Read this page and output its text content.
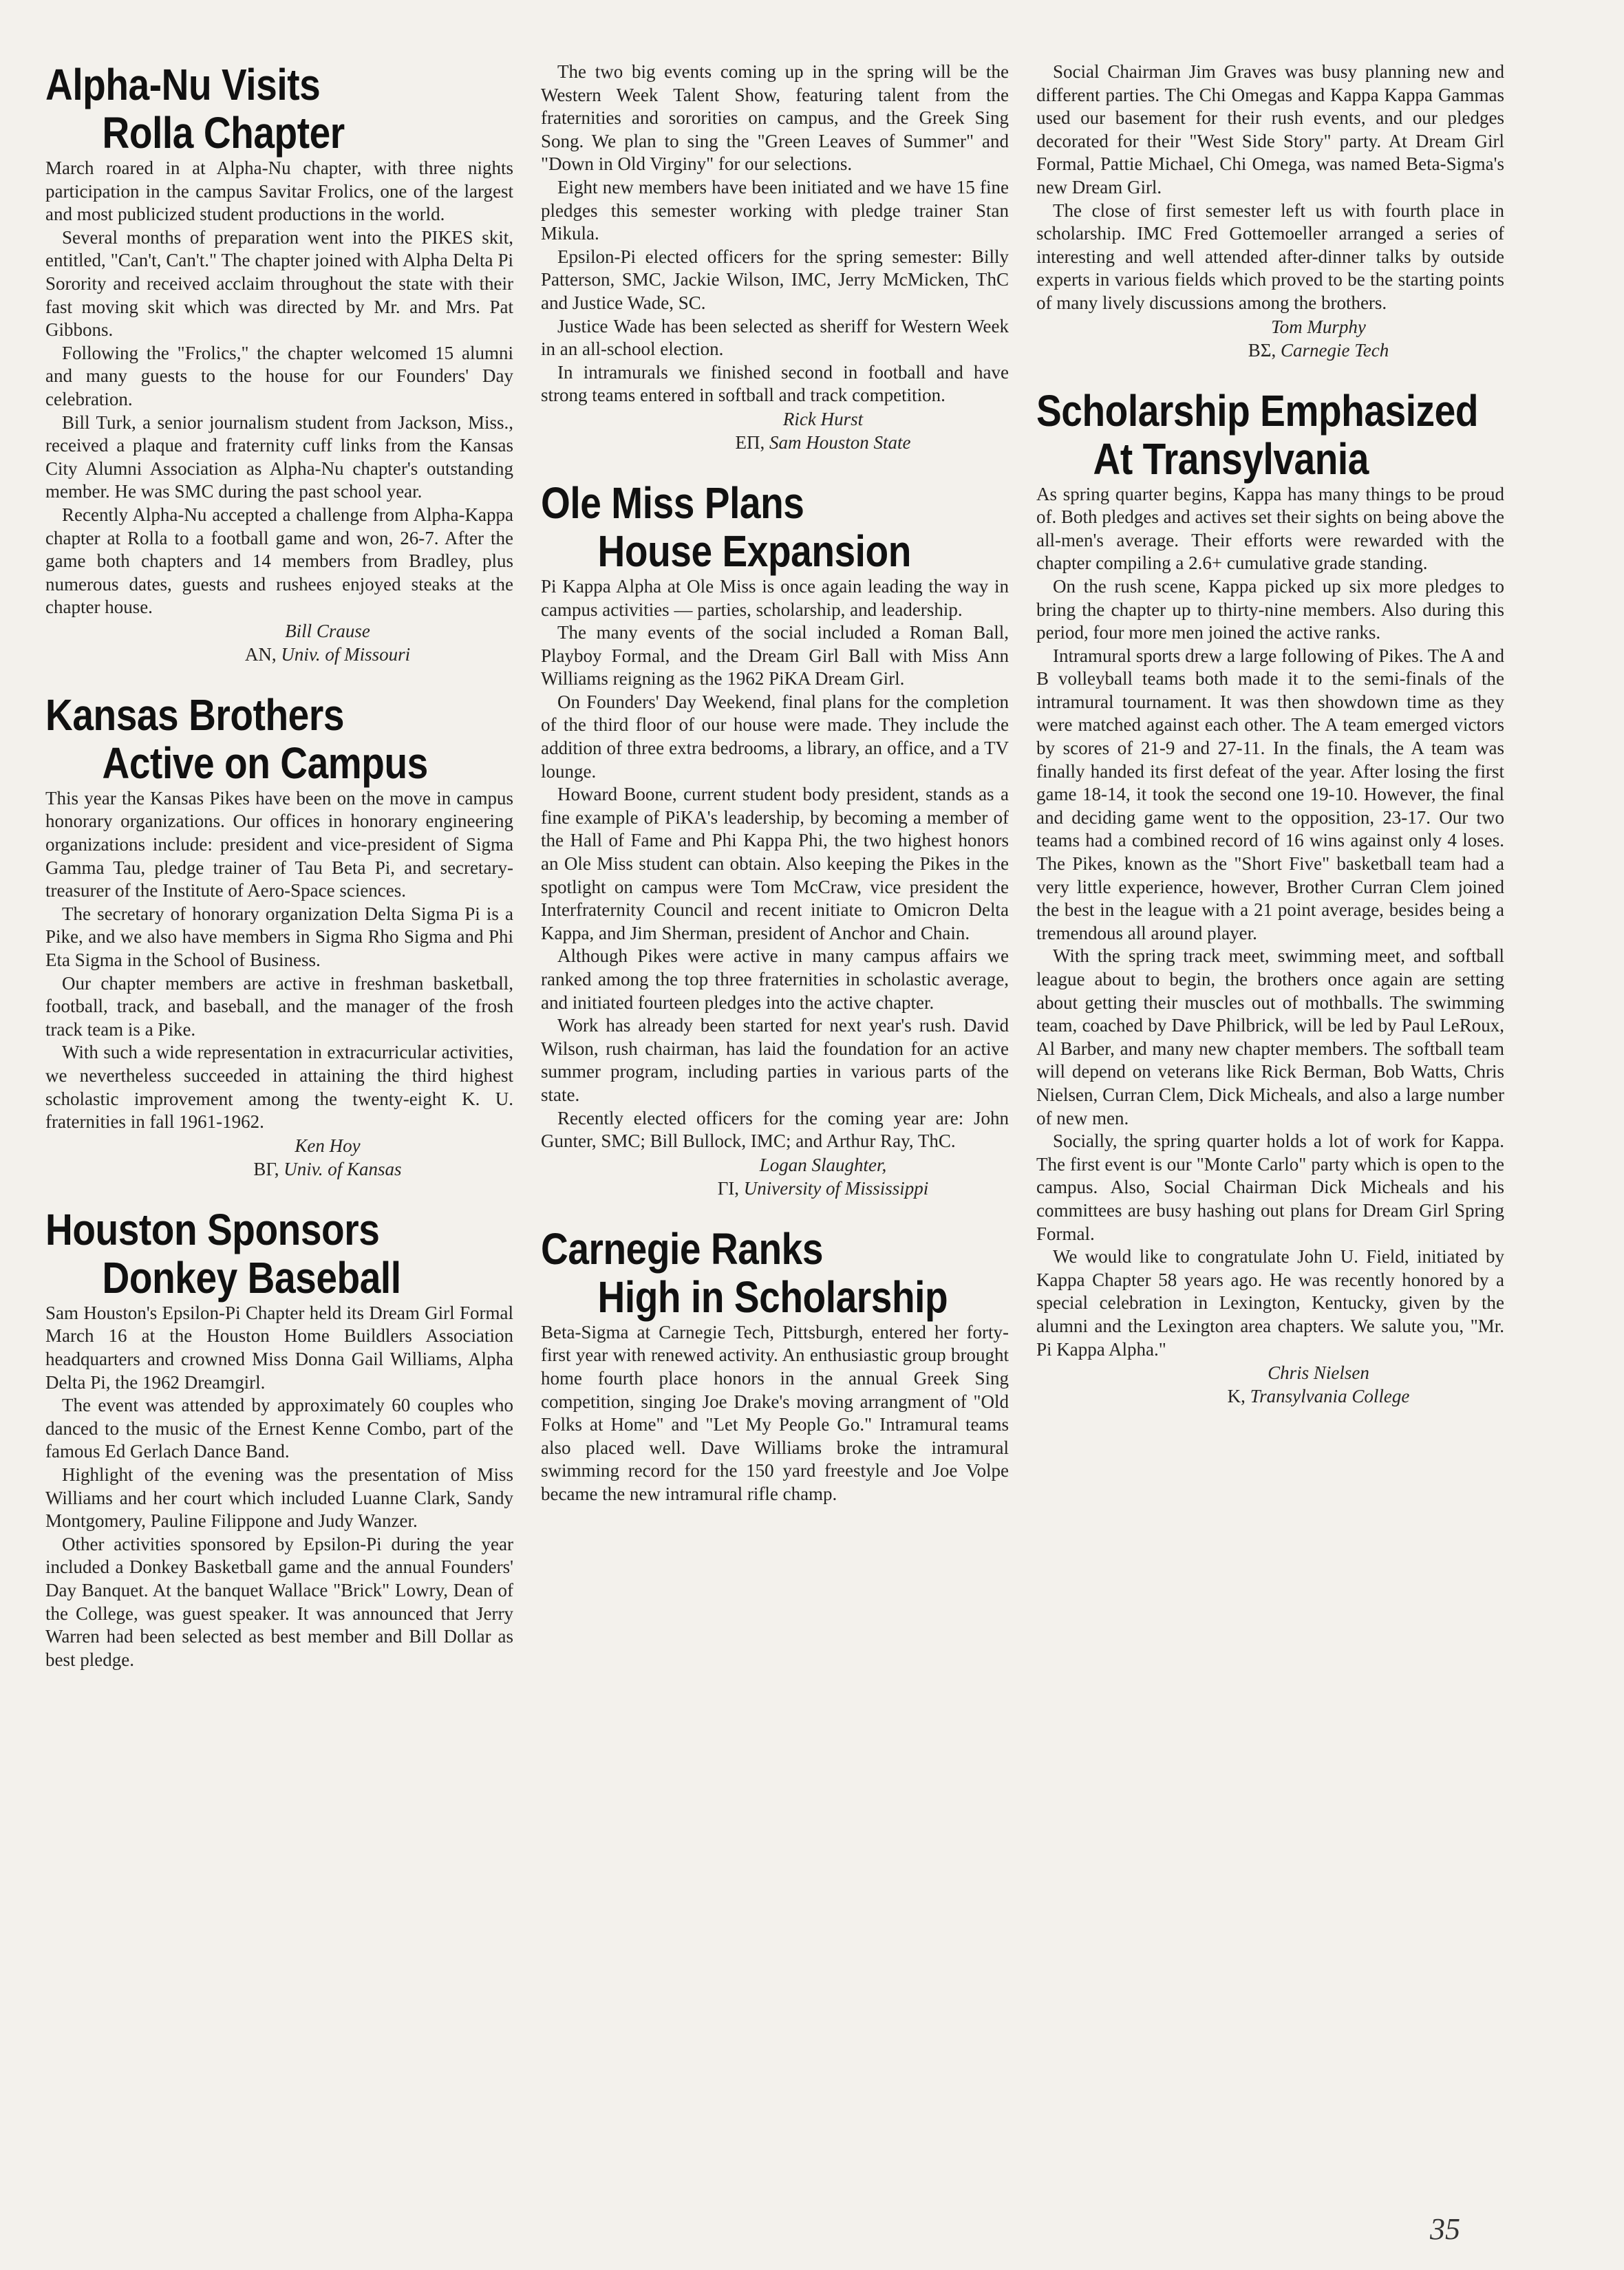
Alpha-Nu Visits
Rolla Chapter

March roared in at Alpha-Nu chapter, with three nights participation in the campus Savitar Frolics, one of the largest and most publicized student productions in the world.

Several months of preparation went into the PIKES skit, entitled, "Can't, Can't." The chapter joined with Alpha Delta Pi Sorority and received acclaim throughout the state with their fast moving skit which was directed by Mr. and Mrs. Pat Gibbons.

Following the "Frolics," the chapter welcomed 15 alumni and many guests to the house for our Founders' Day celebration.

Bill Turk, a senior journalism student from Jackson, Miss., received a plaque and fraternity cuff links from the Kansas City Alumni Association as Alpha-Nu chapter's outstanding member. He was SMC during the past school year.

Recently Alpha-Nu accepted a challenge from Alpha-Kappa chapter at Rolla to a football game and won, 26-7. After the game both chapters and 14 members from Bradley, plus numerous dates, guests and rushees enjoyed steaks at the chapter house.

Bill Crause
AN, Univ. of Missouri
Kansas Brothers
Active on Campus

This year the Kansas Pikes have been on the move in campus honorary organizations. Our offices in honorary engineering organizations include: president and vice-president of Sigma Gamma Tau, pledge trainer of Tau Beta Pi, and secretary-treasurer of the Institute of Aero-Space sciences.

The secretary of honorary organization Delta Sigma Pi is a Pike, and we also have members in Sigma Rho Sigma and Phi Eta Sigma in the School of Business.

Our chapter members are active in freshman basketball, football, track, and baseball, and the manager of the frosh track team is a Pike.

With such a wide representation in extracurricular activities, we nevertheless succeeded in attaining the third highest scholastic improvement among the twenty-eight K. U. fraternities in fall 1961-1962.

Ken Hoy
BΓ, Univ. of Kansas
Houston Sponsors
Donkey Baseball

Sam Houston's Epsilon-Pi Chapter held its Dream Girl Formal March 16 at the Houston Home Buildlers Association headquarters and crowned Miss Donna Gail Williams, Alpha Delta Pi, the 1962 Dreamgirl.

The event was attended by approximately 60 couples who danced to the music of the Ernest Kenne Combo, part of the famous Ed Gerlach Dance Band.

Highlight of the evening was the presentation of Miss Williams and her court which included Luanne Clark, Sandy Montgomery, Pauline Filippone and Judy Wanzer.

Other activities sponsored by Epsilon-Pi during the year included a Donkey Basketball game and the annual Founders' Day Banquet. At the banquet Wallace "Brick" Lowry, Dean of the College, was guest speaker. It was announced that Jerry Warren had been selected as best member and Bill Dollar as best pledge.

The two big events coming up in the spring will be the Western Week Talent Show, featuring talent from the fraternities and sororities on campus, and the Greek Sing Song. We plan to sing the "Green Leaves of Summer" and "Down in Old Virginy" for our selections.

Eight new members have been initiated and we have 15 fine pledges this semester working with pledge trainer Stan Mikula.

Epsilon-Pi elected officers for the spring semester: Billy Patterson, SMC, Jackie Wilson, IMC, Jerry McMicken, ThC and Justice Wade, SC.

Justice Wade has been selected as sheriff for Western Week in an all-school election.

In intramurals we finished second in football and have strong teams entered in softball and track competition.

Rick Hurst
EΠ, Sam Houston State
Ole Miss Plans
House Expansion

Pi Kappa Alpha at Ole Miss is once again leading the way in campus activities — parties, scholarship, and leadership.

The many events of the social included a Roman Ball, Playboy Formal, and the Dream Girl Ball with Miss Ann Williams reigning as the 1962 PiKA Dream Girl.

On Founders' Day Weekend, final plans for the completion of the third floor of our house were made. They include the addition of three extra bedrooms, a library, an office, and a TV lounge.

Howard Boone, current student body president, stands as a fine example of PiKA's leadership, by becoming a member of the Hall of Fame and Phi Kappa Phi, the two highest honors an Ole Miss student can obtain. Also keeping the Pikes in the spotlight on campus were Tom McCraw, vice president the Interfraternity Council and recent initiate to Omicron Delta Kappa, and Jim Sherman, president of Anchor and Chain.

Although Pikes were active in many campus affairs we ranked among the top three fraternities in scholastic average, and initiated fourteen pledges into the active chapter.

Work has already been started for next year's rush. David Wilson, rush chairman, has laid the foundation for an active summer program, including parties in various parts of the state.

Recently elected officers for the coming year are: John Gunter, SMC; Bill Bullock, IMC; and Arthur Ray, ThC.

Logan Slaughter,
ΓΙ, University of Mississippi
Carnegie Ranks
High in Scholarship

Beta-Sigma at Carnegie Tech, Pittsburgh, entered her forty-first year with renewed activity. An enthusiastic group brought home fourth place honors in the annual Greek Sing competition, singing Joe Drake's moving arrangment of "Old Folks at Home" and "Let My People Go." Intramural teams also placed well. Dave Williams broke the intramural swimming record for the 150 yard freestyle and Joe Volpe became the new intramural rifle champ.

Social Chairman Jim Graves was busy planning new and different parties. The Chi Omegas and Kappa Kappa Gammas used our basement for their rush events, and our pledges decorated for their "West Side Story" party. At Dream Girl Formal, Pattie Michael, Chi Omega, was named Beta-Sigma's new Dream Girl.

The close of first semester left us with fourth place in scholarship. IMC Fred Gottemoeller arranged a series of interesting and well attended after-dinner talks by outside experts in various fields which proved to be the starting points of many lively discussions among the brothers.

Tom Murphy
BΣ, Carnegie Tech
Scholarship Emphasized
At Transylvania

As spring quarter begins, Kappa has many things to be proud of. Both pledges and actives set their sights on being above the all-men's average. Their efforts were rewarded with the chapter compiling a 2.6+ cumulative grade standing.

On the rush scene, Kappa picked up six more pledges to bring the chapter up to thirty-nine members. Also during this period, four more men joined the active ranks.

Intramural sports drew a large following of Pikes. The A and B volleyball teams both made it to the semi-finals of the intramural tournament. It was then showdown time as they were matched against each other. The A team emerged victors by scores of 21-9 and 27-11. In the finals, the A team was finally handed its first defeat of the year. After losing the first game 18-14, it took the second one 19-10. However, the final and deciding game went to the opposition, 23-17. Our two teams had a combined record of 16 wins against only 4 loses. The Pikes, known as the "Short Five" basketball team had a very little experience, however, Brother Curran Clem joined the best in the league with a 21 point average, besides being a tremendous all around player.

With the spring track meet, swimming meet, and softball league about to begin, the brothers once again are setting about getting their muscles out of mothballs. The swimming team, coached by Dave Philbrick, will be led by Paul LeRoux, Al Barber, and many new chapter members. The softball team will depend on veterans like Rick Berman, Bob Watts, Chris Nielsen, Curran Clem, Dick Micheals, and also a large number of new men.

Socially, the spring quarter holds a lot of work for Kappa. The first event is our "Monte Carlo" party which is open to the campus. Also, Social Chairman Dick Micheals and his committees are busy hashing out plans for Dream Girl Spring Formal.

We would like to congratulate John U. Field, initiated by Kappa Chapter 58 years ago. He was recently honored by a special celebration in Lexington, Kentucky, given by the alumni and the Lexington area chapters. We salute you, "Mr. Pi Kappa Alpha."

Chris Nielsen
K, Transylvania College
35
